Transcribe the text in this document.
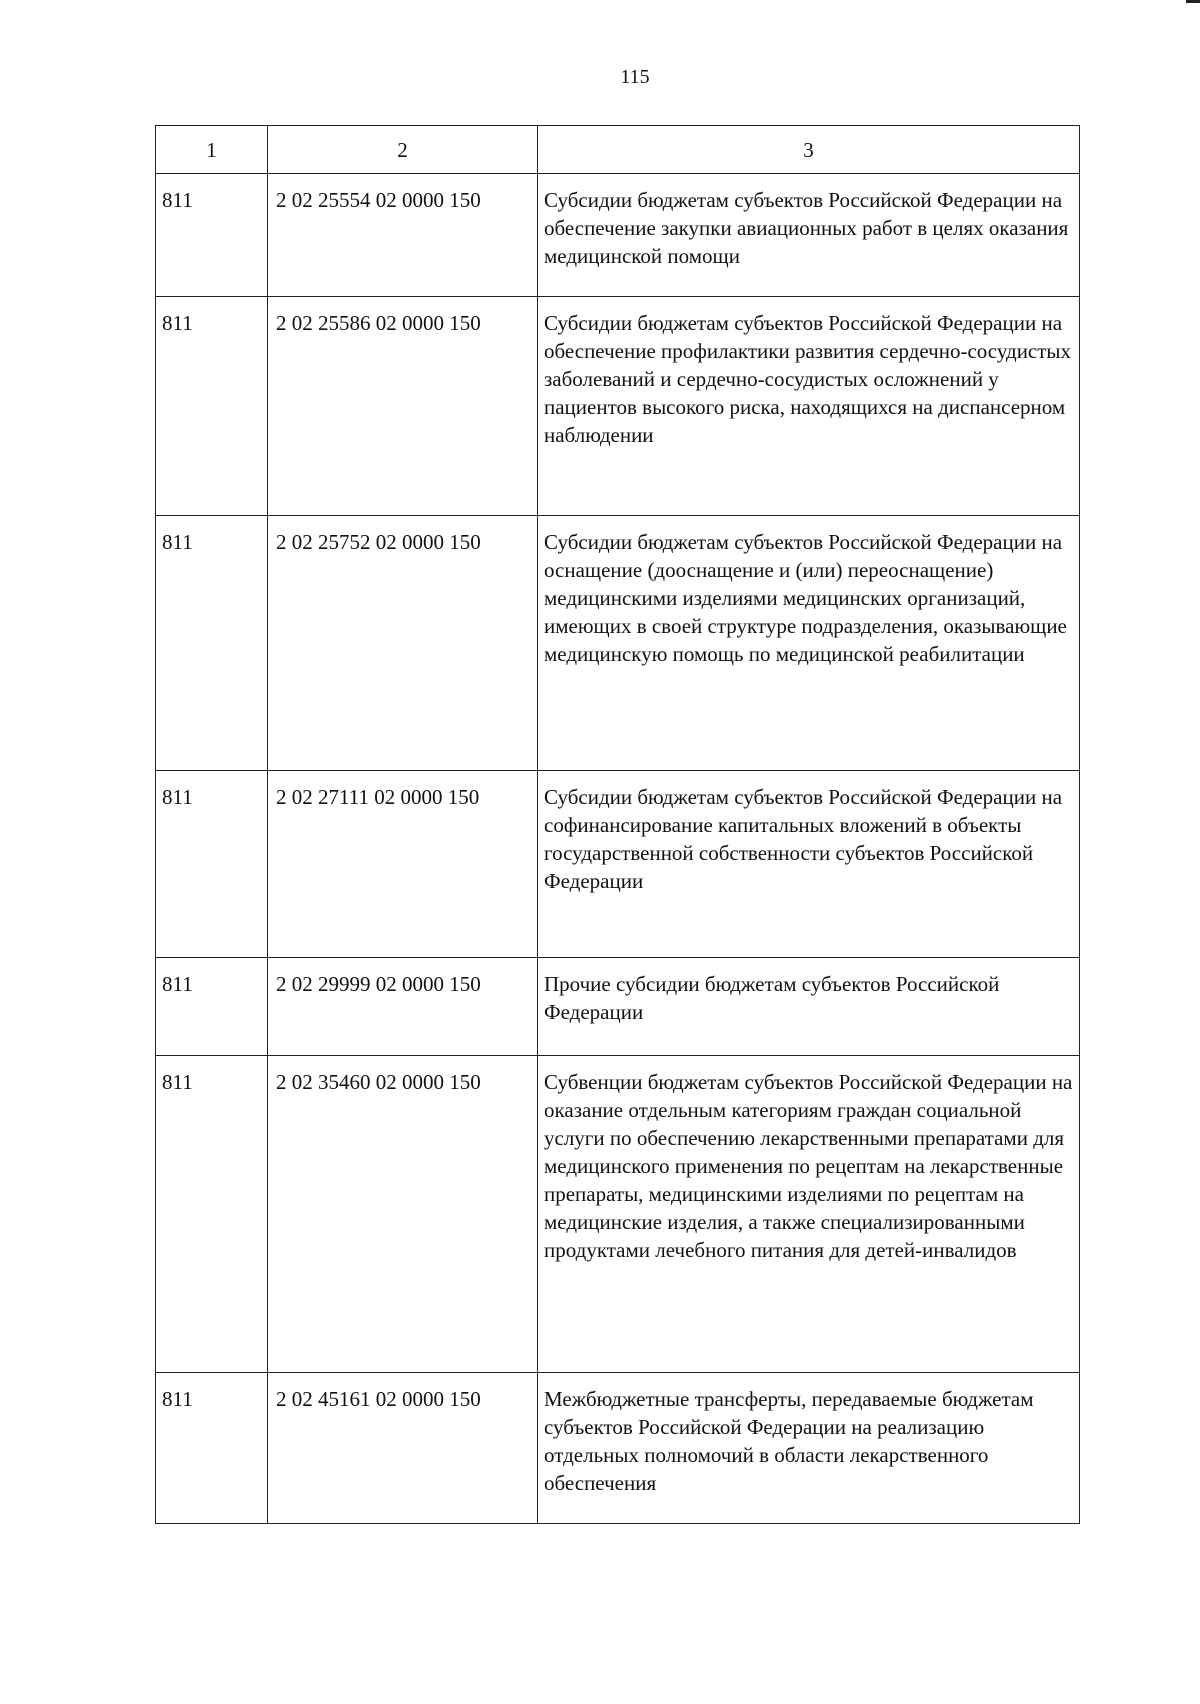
115
1	2	3
811	2 02 25554 02 0000 150	Субсидии бюджетам субъектов Российской Федерации на обеспечение закупки авиационных работ в целях оказания медицинской помощи
811	2 02 25586 02 0000 150	Субсидии бюджетам субъектов Российской Федерации на обеспечение профилактики развития сердечно-сосудистых заболеваний и сердечно-сосудистых осложнений у пациентов высокого риска, находящихся на диспансерном наблюдении
811	2 02 25752 02 0000 150	Субсидии бюджетам субъектов Российской Федерации на оснащение (дооснащение и (или) переоснащение) медицинскими изделиями медицинских организаций, имеющих в своей структуре подразделения, оказывающие медицинскую помощь по медицинской реабилитации
811	2 02 27111 02 0000 150	Субсидии бюджетам субъектов Российской Федерации на софинансирование капитальных вложений в объекты государственной собственности субъектов Российской Федерации
811	2 02 29999 02 0000 150	Прочие субсидии бюджетам субъектов Российской Федерации
811	2 02 35460 02 0000 150	Субвенции бюджетам субъектов Российской Федерации на оказание отдельным категориям граждан социальной услуги по обеспечению лекарственными препаратами для медицинского применения по рецептам на лекарственные препараты, медицинскими изделиями по рецептам на медицинские изделия, а также специализированными продуктами лечебного питания для детей-инвалидов
811	2 02 45161 02 0000 150	Межбюджетные трансферты, передаваемые бюджетам субъектов Российской Федерации на реализацию отдельных полномочий в области лекарственного обеспечения
